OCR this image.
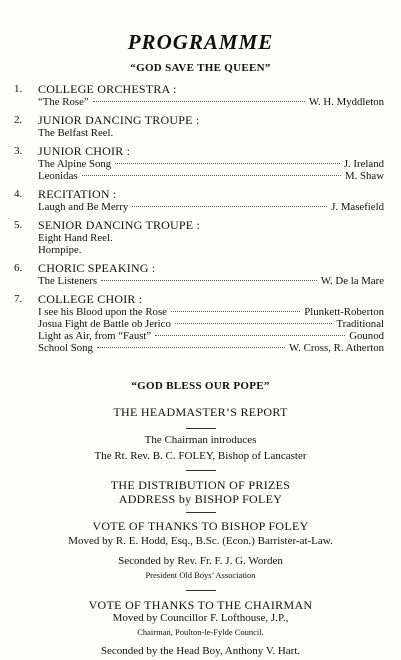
PROGRAMME
“GOD SAVE THE QUEEN”
1.	COLLEGE ORCHESTRA :
“The Rose”	W. H. Myddleton
2.	JUNIOR DANCING TROUPE :
The Belfast Reel.
3.	JUNIOR CHOIR :
The Alpine Song	J. Ireland
Leonidas	M. Shaw
4.	RECITATION :
Laugh and Be Merry	J. Masefield
5.	SENIOR DANCING TROUPE :
Eight Hand Reel.
Hornpipe.
6.	CHORIC SPEAKING :
The Listeners	W. De la Mare
7.	COLLEGE CHOIR :
I see his Blood upon the Rose	Plunkett-Roberton
Josua Fight de Battle ob Jerico	Traditional
Light as Air, from “Faust”	Gounod
School Song	W. Cross, R. Atherton
“GOD BLESS OUR POPE”
THE HEADMASTER’S REPORT
The Chairman introduces
The Rt. Rev. B. C. FOLEY, Bishop of Lancaster
THE DISTRIBUTION OF PRIZES
ADDRESS by BISHOP FOLEY
VOTE OF THANKS TO BISHOP FOLEY
Moved by R. E. Hodd, Esq., B.Sc. (Econ.) Barrister-at-Law.
Seconded by Rev. Fr. F. J. G. Worden
President Old Boys’ Association
VOTE OF THANKS TO THE CHAIRMAN
Moved by Councillor F. Lofthouse, J.P.,
Chairman, Poulton-le-Fylde Council.
Seconded by the Head Boy, Anthony V. Hart.
